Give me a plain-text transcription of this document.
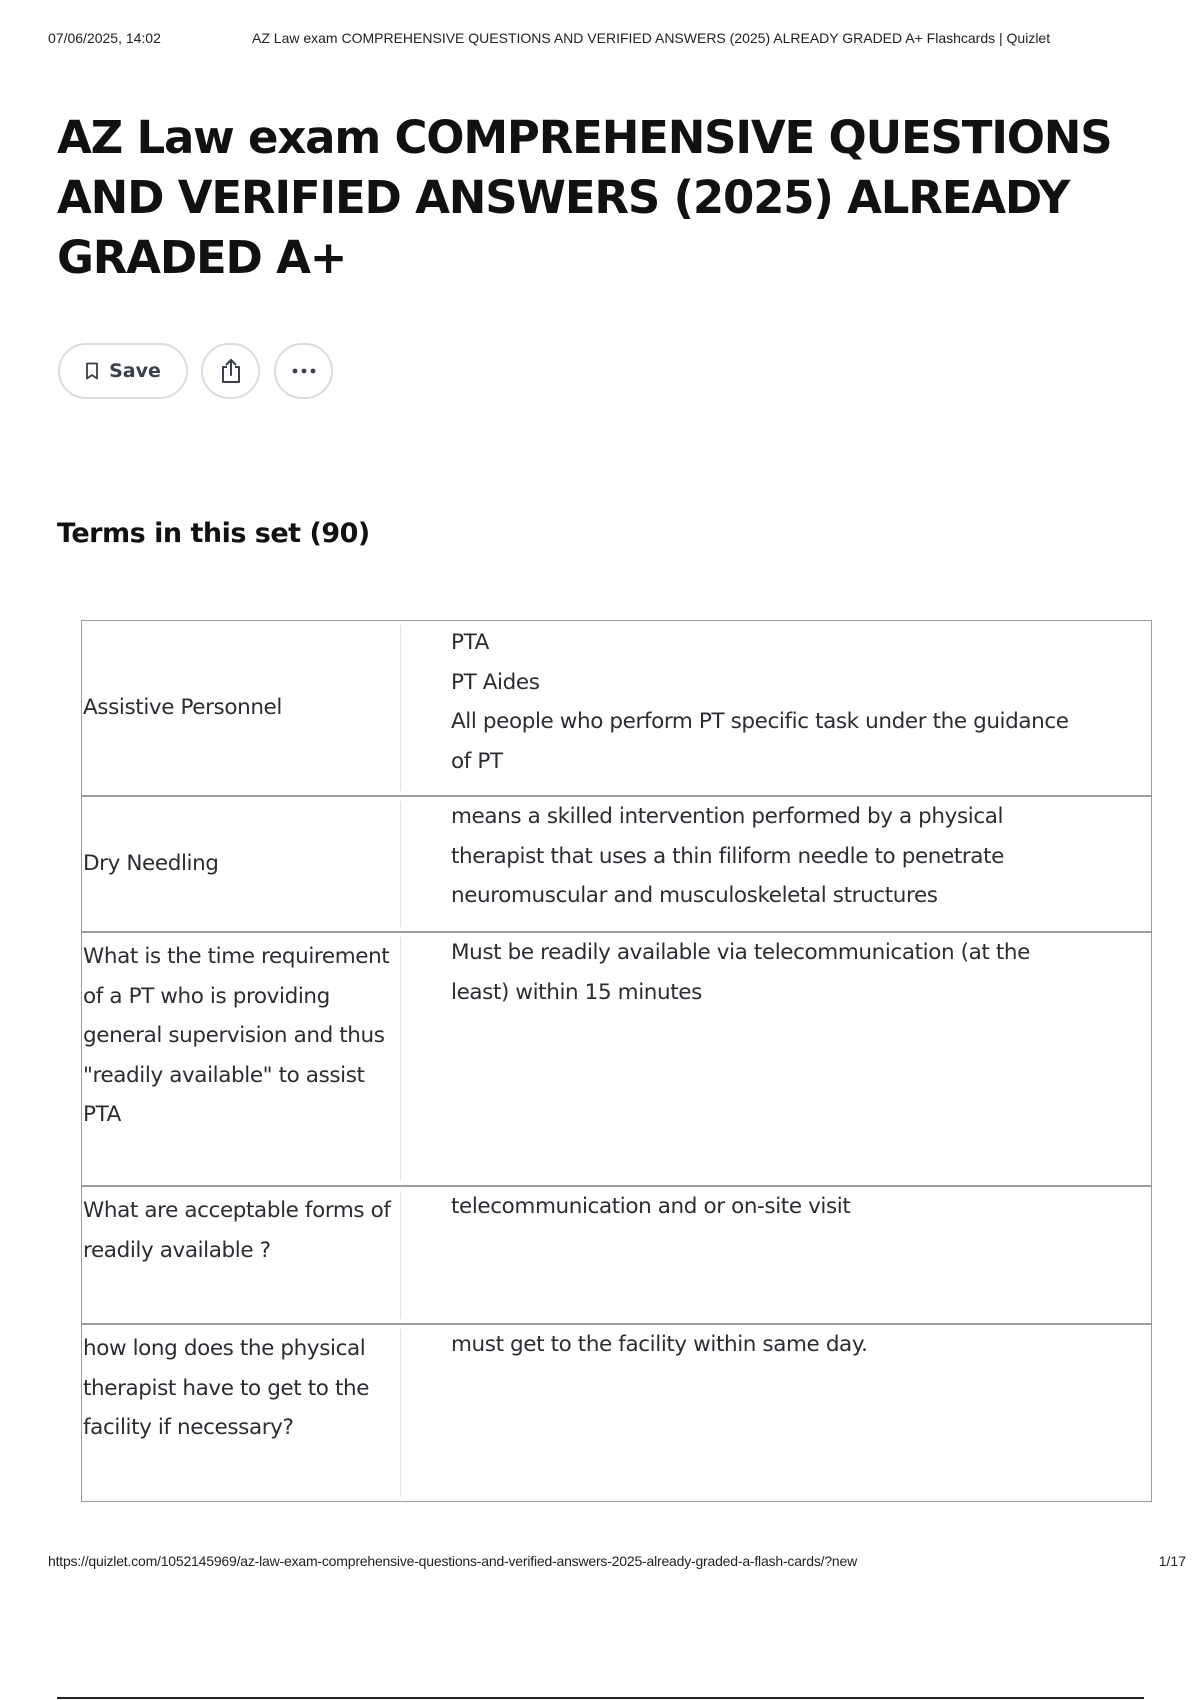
07/06/2025, 14:02	AZ Law exam COMPREHENSIVE QUESTIONS AND VERIFIED ANSWERS (2025) ALREADY GRADED A+ Flashcards | Quizlet
AZ Law exam COMPREHENSIVE QUESTIONS AND VERIFIED ANSWERS (2025) ALREADY GRADED A+
Save
Terms in this set (90)
Assistive Personnel
PTA
PT Aides
All people who perform PT specific task under the guidance of PT
Dry Needling
means a skilled intervention performed by a physical therapist that uses a thin filiform needle to penetrate neuromuscular and musculoskeletal structures
What is the time requirement of a PT who is providing general supervision and thus "readily available" to assist PTA
Must be readily available via telecommunication (at the least) within 15 minutes
What are acceptable forms of readily available ?
telecommunication and or on-site visit
how long does the physical therapist have to get to the facility if necessary?
must get to the facility within same day.
https://quizlet.com/1052145969/az-law-exam-comprehensive-questions-and-verified-answers-2025-already-graded-a-flash-cards/?new	1/17
